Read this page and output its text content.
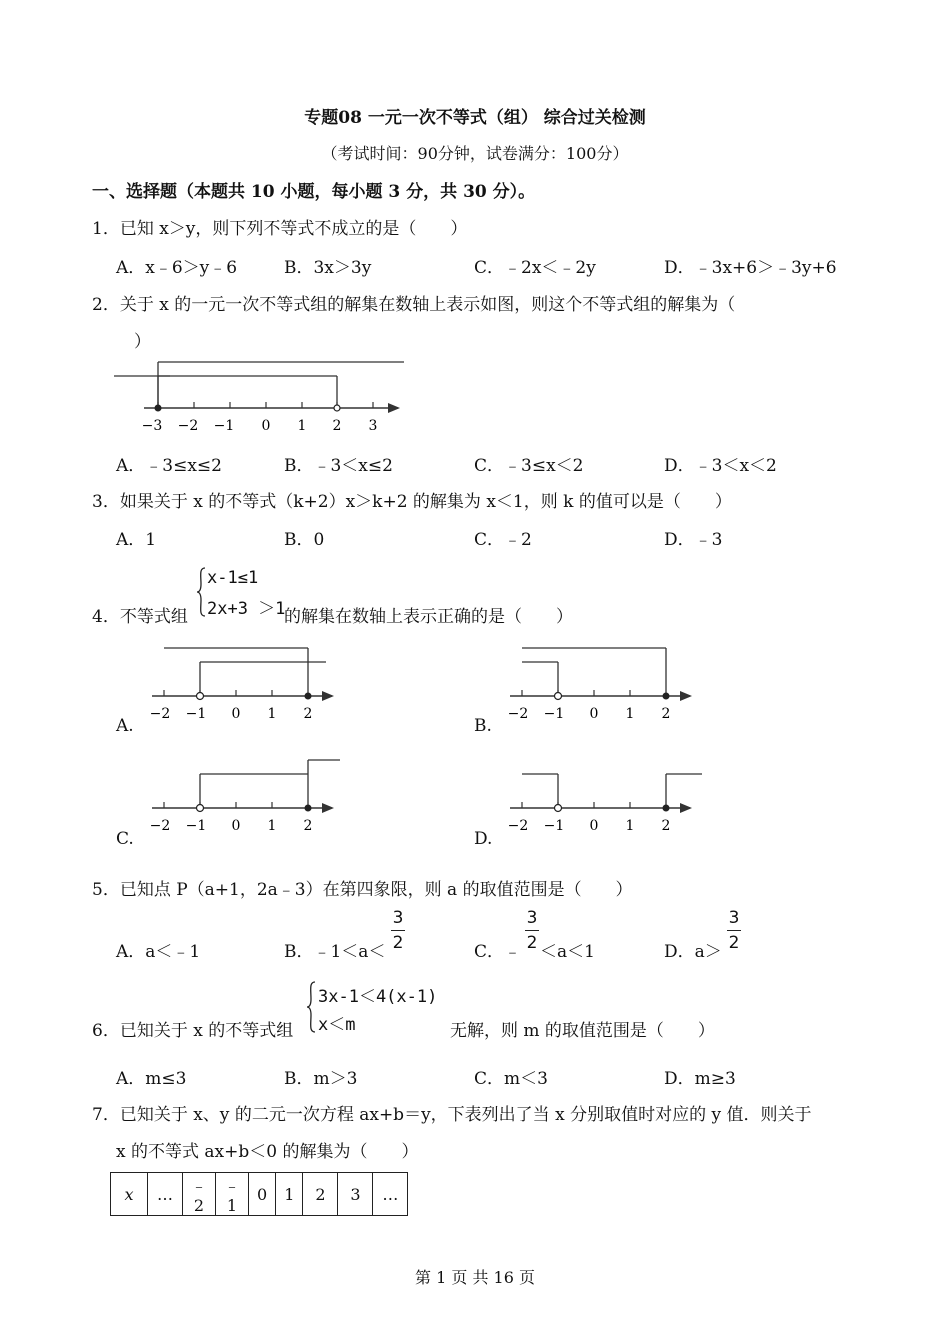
专题08 一元一次不等式（组） 综合过关检测
（考试时间：90分钟，试卷满分：100分）
一、选择题（本题共 10 小题，每小题 3 分，共 30 分）。
1．已知 x＞y，则下列不等式不成立的是（　　）
A．x﹣6＞y﹣6	B．3x＞3y	C．﹣2x＜﹣2y	D．﹣3x+6＞﹣3y+6
2．关于 x 的一元一次不等式组的解集在数轴上表示如图，则这个不等式组的解集为（
）
−3 −2 −1 0 1 2 3
A．﹣3≤x≤2	B．﹣3＜x≤2	C．﹣3≤x＜2	D．﹣3＜x＜2
3．如果关于 x 的不等式（k+2）x＞k+2 的解集为 x＜1，则 k 的值可以是（　　）
A．1	B．0	C．﹣2	D．﹣3
4．不等式组
x-1≤1
2x+3 ＞1
的解集在数轴上表示正确的是（　　）
−2 −1 0 1 2
A.
−2 −1 0 1 2
B.
−2 −1 0 1 2
C.
−2 −1 0 1 2
D.
5．已知点 P（a+1，2a﹣3）在第四象限，则 a 的取值范围是（　　）
A．a＜﹣1	B．﹣1＜a＜
3
2	C．﹣
3
2 ＜a＜1	D．a＞
3
2
6．已知关于 x 的不等式组
3x-1＜4(x-1)
x＜m	无解，则 m 的取值范围是（　　）
A．m≤3	B．m＞3	C．m＜3	D．m≥3
7．已知关于 x、y 的二元一次方程 ax+b＝y，下表列出了当 x 分别取值时对应的 y 值．则关于
x 的不等式 ax+b＜0 的解集为（　　）
x	…	﹣2	﹣1	0	1	2	3	…
第 1 页 共 16 页
